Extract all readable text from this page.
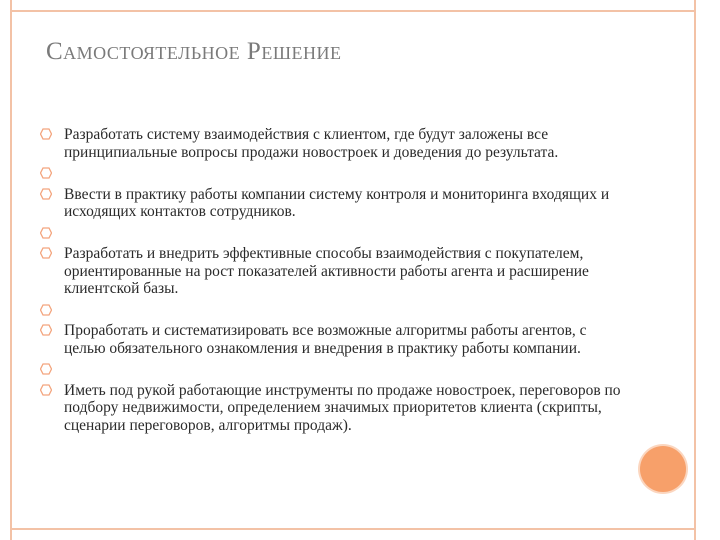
Самостоятельное Решение
Разработать систему взаимодействия с клиентом, где будут заложены все принципиальные вопросы продажи новостроек и доведения до результата.
Ввести в практику работы компании систему контроля и мониторинга входящих и исходящих контактов сотрудников.
Разработать и внедрить эффективные способы взаимодействия с покупателем, ориентированные на рост показателей активности работы агента и расширение клиентской базы.
Проработать и систематизировать все возможные алгоритмы работы агентов, с целью обязательного ознакомления и внедрения в практику работы компании.
Иметь под рукой работающие инструменты по продаже новостроек, переговоров по подбору недвижимости, определением значимых приоритетов клиента (скрипты, сценарии переговоров, алгоритмы продаж).
